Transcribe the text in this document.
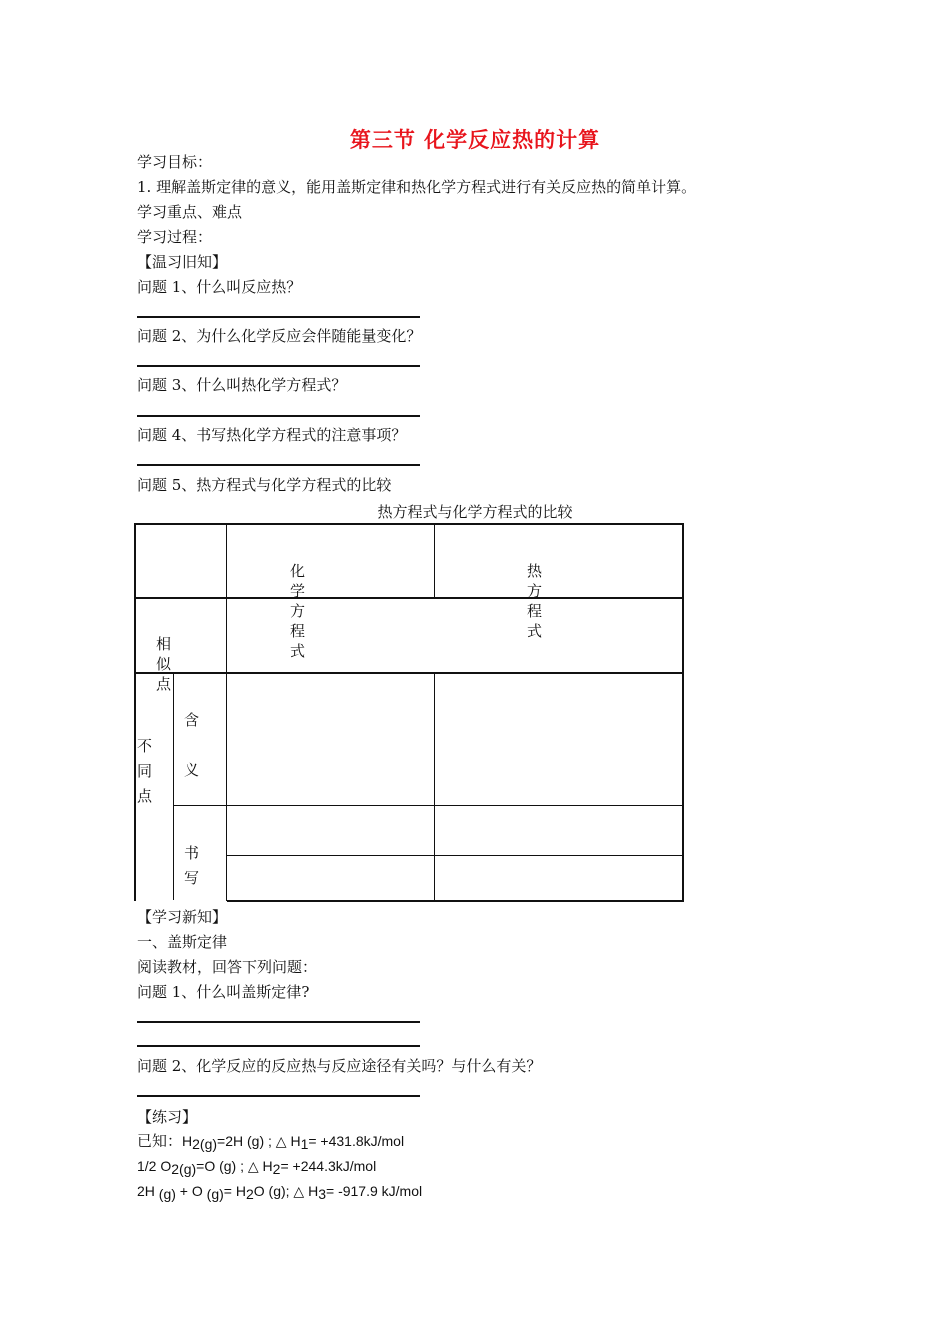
第三节 化学反应热的计算
学习目标：
1. 理解盖斯定律的意义，能用盖斯定律和热化学方程式进行有关反应热的简单计算。
学习重点、难点
学习过程：
【温习旧知】
问题 1、什么叫反应热？
问题 2、为什么化学反应会伴随能量变化？
问题 3、什么叫热化学方程式？
问题 4、书写热化学方程式的注意事项？
问题 5、热方程式与化学方程式的比较
热方程式与化学方程式的比较
化学方程式
热方程式
相似点
不
同
点
含
义
书
写
【学习新知】
一、盖斯定律
阅读教材，回答下列问题：
问题 1、什么叫盖斯定律?
问题 2、化学反应的反应热与反应途径有关吗？与什么有关？
【练习】
已知：$H_{2(g)}=2H$ (g) ; △ $H_1= +431.8kJ/mol$
1/2 $O_{2(g)}=O$ (g) ; △ $H_2= +244.3kJ/mol$
2H $_{(g)}$ + O $_{(g)}= H_2O$ (g); △ $H_3= -917.9$ kJ/mol
